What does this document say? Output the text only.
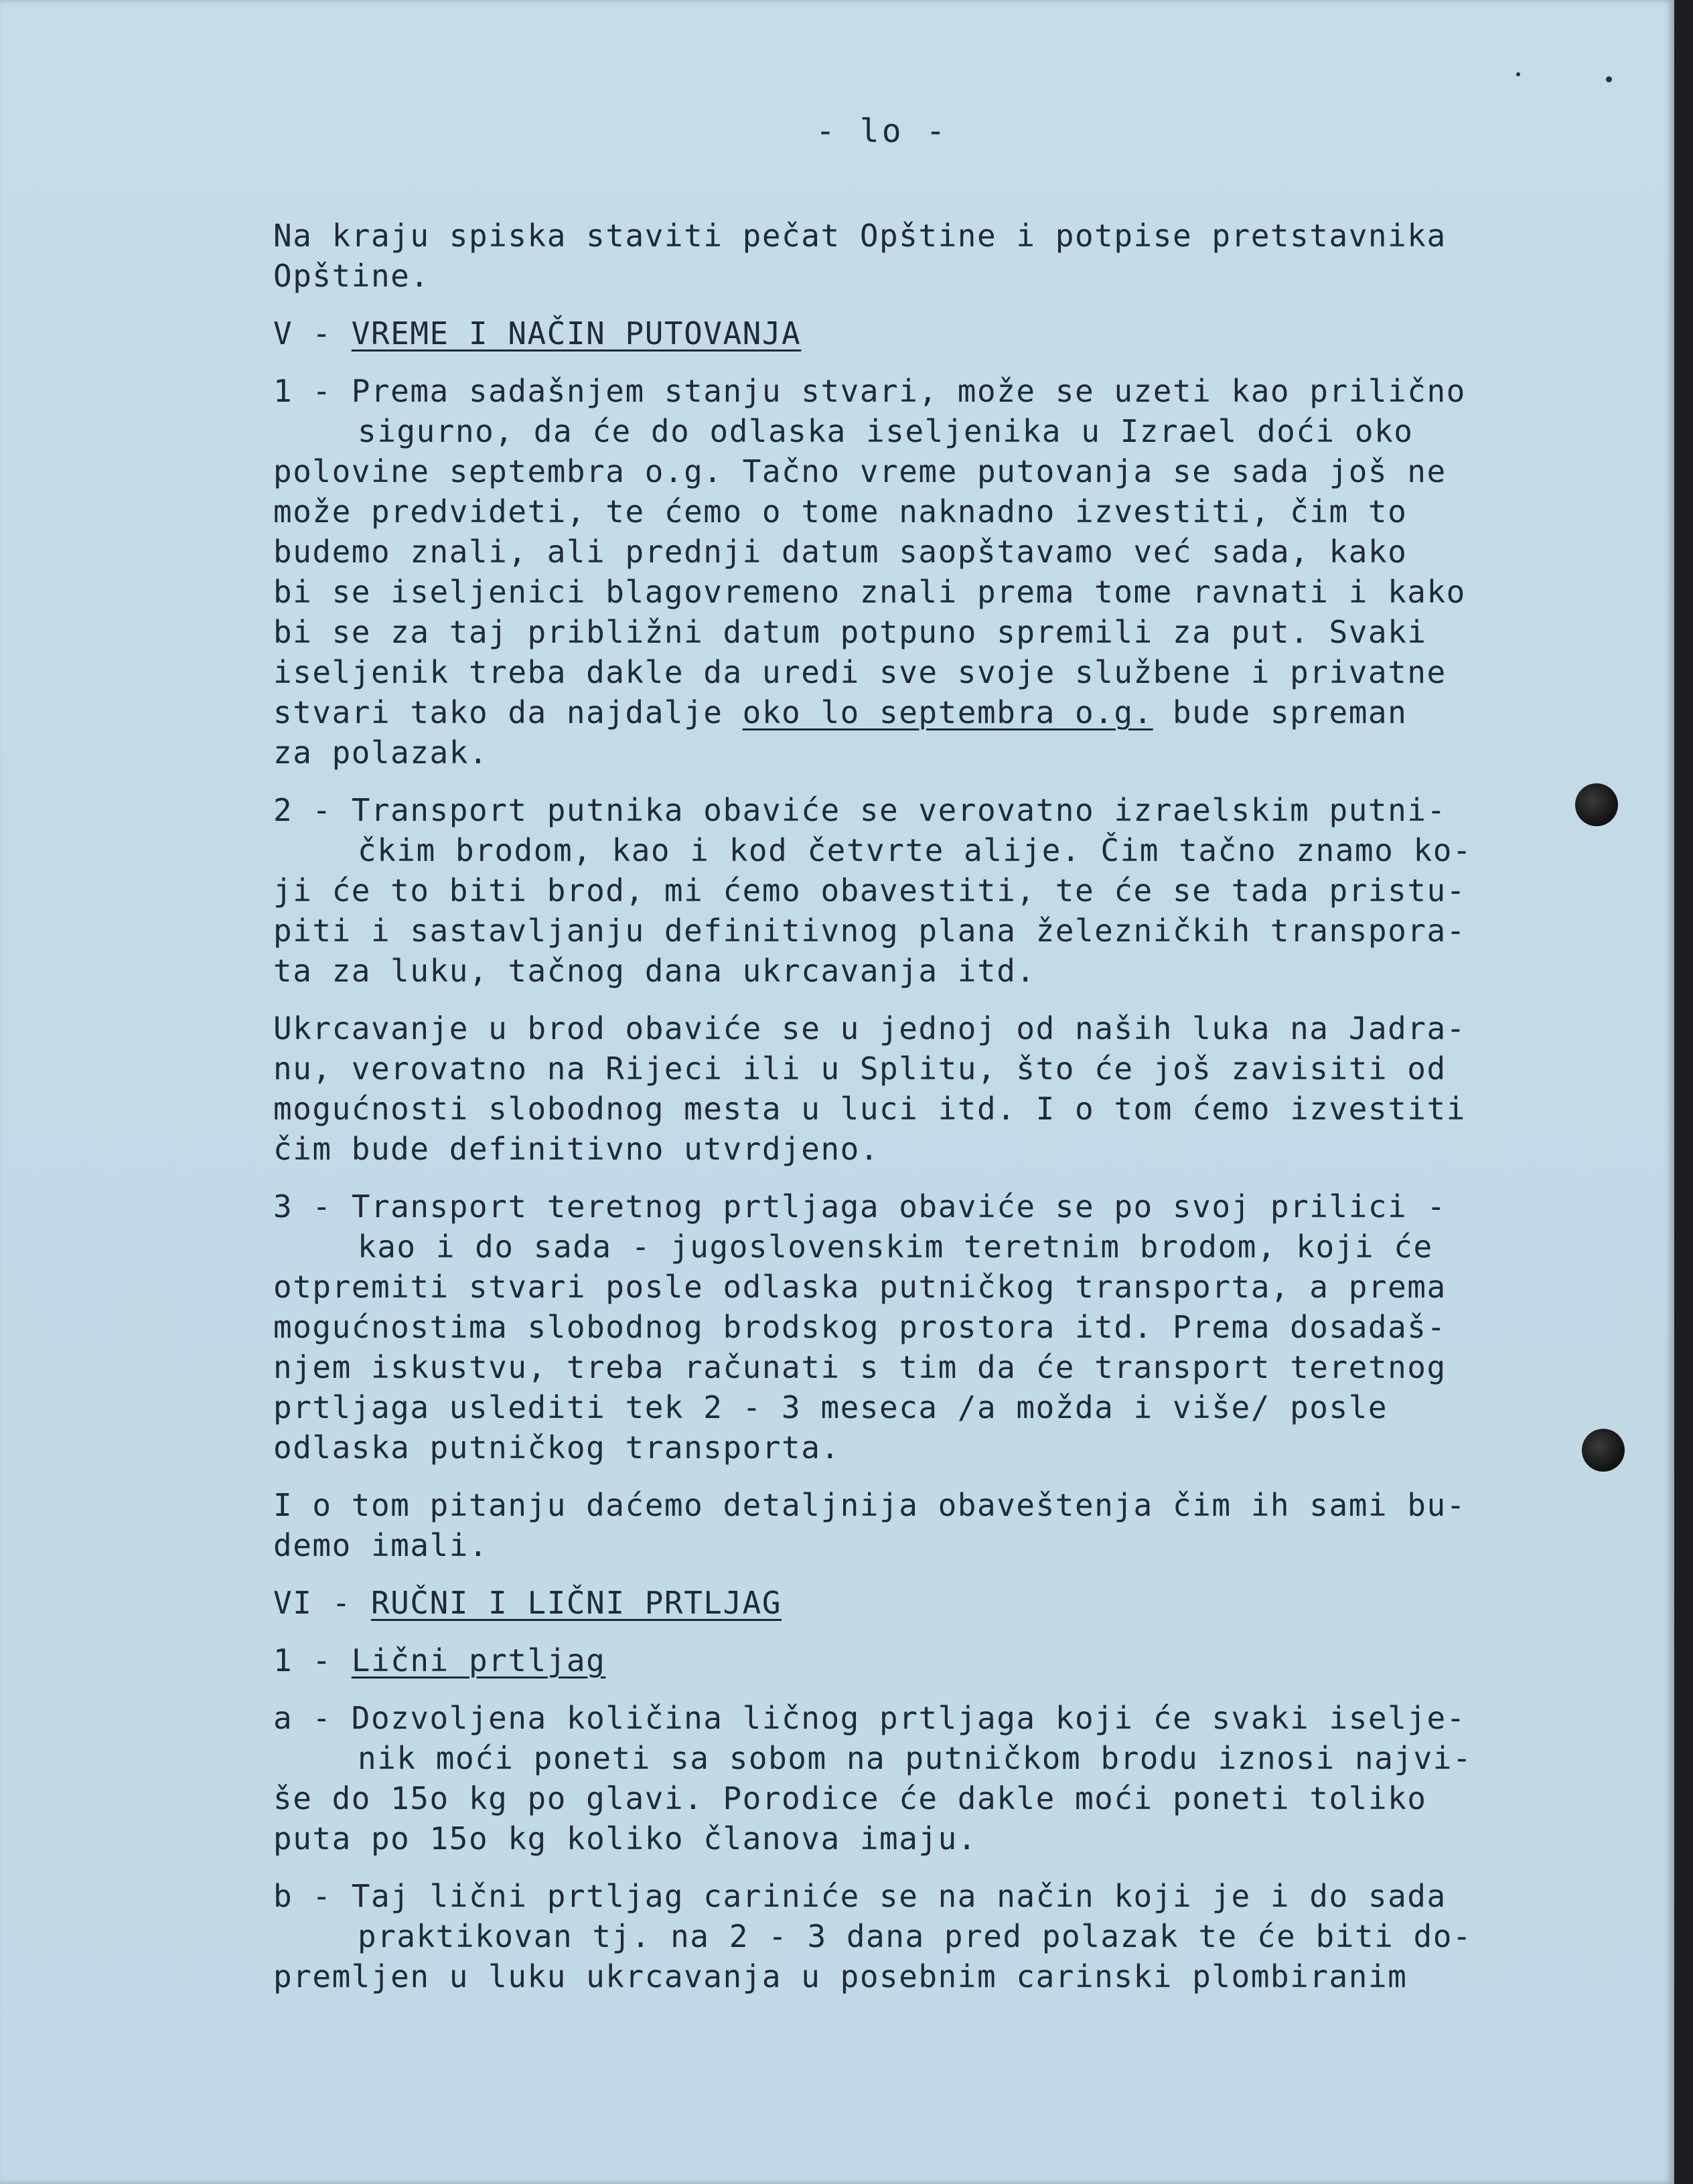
- lo -
Na kraju spiska staviti pečat Opštine i potpise pretstavnika
Opštine.
V - VREME I NAČIN PUTOVANJA
1 - Prema sadašnjem stanju stvari, može se uzeti kao prilično
sigurno, da će do odlaska iseljenika u Izrael doći oko
polovine septembra o.g. Tačno vreme putovanja se sada još ne
može predvideti, te ćemo o tome naknadno izvestiti, čim to
budemo znali, ali prednji datum saopštavamo već sada, kako
bi se iseljenici blagovremeno znali prema tome ravnati i kako
bi se za taj približni datum potpuno spremili za put. Svaki
iseljenik treba dakle da uredi sve svoje službene i privatne
stvari tako da najdalje oko lo septembra o.g. bude spreman
za polazak.
2 - Transport putnika obaviće se verovatno izraelskim putni-
čkim brodom, kao i kod četvrte alije. Čim tačno znamo ko-
ji će to biti brod, mi ćemo obavestiti, te će se tada pristu-
piti i sastavljanju definitivnog plana železničkih transpora-
ta za luku, tačnog dana ukrcavanja itd.
Ukrcavanje u brod obaviće se u jednoj od naših luka na Jadra-
nu, verovatno na Rijeci ili u Splitu, što će još zavisiti od
mogućnosti slobodnog mesta u luci itd. I o tom ćemo izvestiti
čim bude definitivno utvrdjeno.
3 - Transport teretnog prtljaga obaviće se po svoj prilici -
kao i do sada - jugoslovenskim teretnim brodom, koji će
otpremiti stvari posle odlaska putničkog transporta, a prema
mogućnostima slobodnog brodskog prostora itd. Prema dosadaš-
njem iskustvu, treba računati s tim da će transport teretnog
prtljaga uslediti tek 2 - 3 meseca /a možda i više/ posle
odlaska putničkog transporta.
I o tom pitanju daćemo detaljnija obaveštenja čim ih sami bu-
demo imali.
VI - RUČNI I LIČNI PRTLJAG
1 - Lični prtljag
a - Dozvoljena količina ličnog prtljaga koji će svaki iselje-
nik moći poneti sa sobom na putničkom brodu iznosi najvi-
še do 15o kg po glavi. Porodice će dakle moći poneti toliko
puta po 15o kg koliko članova imaju.
b - Taj lični prtljag cariniće se na način koji je i do sada
praktikovan tj. na 2 - 3 dana pred polazak te će biti do-
premljen u luku ukrcavanja u posebnim carinski plombiranim
